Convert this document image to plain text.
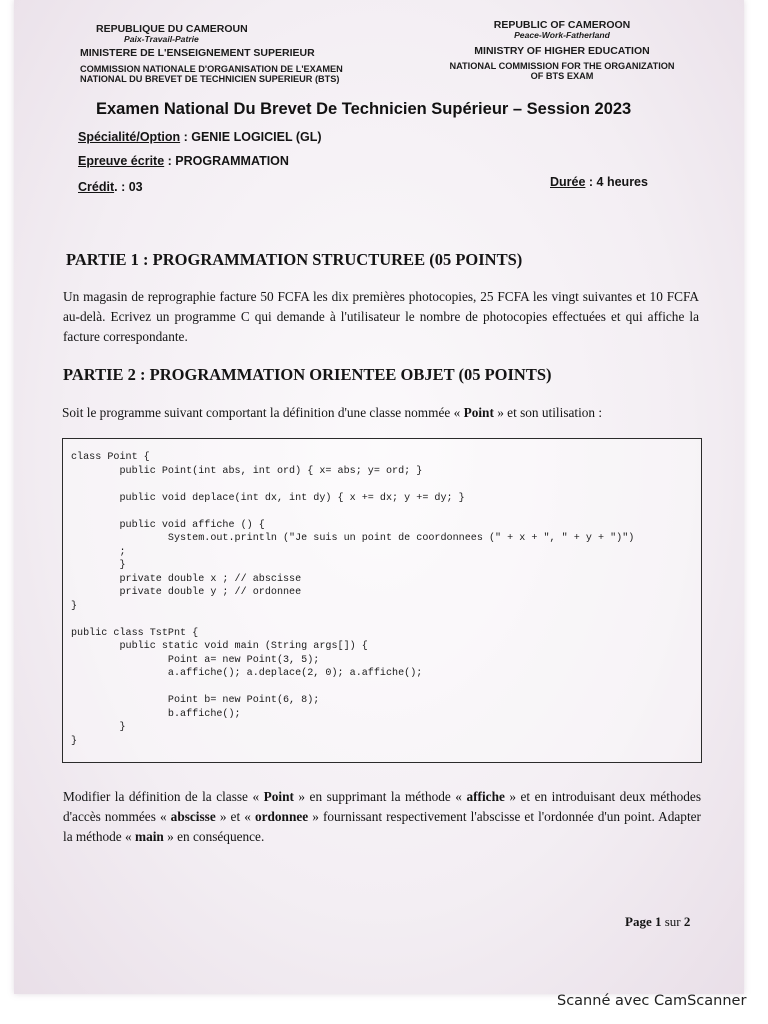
REPUBLIQUE DU CAMEROUN
Paix-Travail-Patrie
MINISTERE DE L'ENSEIGNEMENT SUPERIEUR
COMMISSION NATIONALE D'ORGANISATION DE L'EXAMEN
NATIONAL DU BREVET DE TECHNICIEN SUPERIEUR (BTS)
REPUBLIC OF CAMEROON
Peace-Work-Fatherland
MINISTRY OF HIGHER EDUCATION
NATIONAL COMMISSION FOR THE ORGANIZATION
OF BTS EXAM
Examen National Du Brevet De Technicien Supérieur – Session 2023
Spécialité/Option : GENIE LOGICIEL (GL)
Epreuve écrite : PROGRAMMATION
Crédit. : 03	Durée : 4 heures
PARTIE 1 : PROGRAMMATION STRUCTUREE (05 POINTS)
Un magasin de reprographie facture 50 FCFA les dix premières photocopies, 25 FCFA les vingt suivantes et 10 FCFA au-delà. Ecrivez un programme C qui demande à l'utilisateur le nombre de photocopies effectuées et qui affiche la facture correspondante.
PARTIE 2 : PROGRAMMATION ORIENTEE OBJET (05 POINTS)
Soit le programme suivant comportant la définition d'une classe nommée « Point » et son utilisation :
class Point {
public Point(int abs, int ord) { x= abs; y= ord; }

public void deplace(int dx, int dy) { x += dx; y += dy; }

public void affiche () {
System.out.println ("Je suis un point de coordonnees (" + x + ", " + y + ")")
;
}
private double x ; // abscisse
private double y ; // ordonnee
}

public class TstPnt {
public static void main (String args[]) {
Point a= new Point(3, 5);
a.affiche(); a.deplace(2, 0); a.affiche();

Point b= new Point(6, 8);
b.affiche();
}
}
Modifier la définition de la classe « Point » en supprimant la méthode « affiche » et en introduisant deux méthodes d'accès nommées « abscisse » et « ordonnee » fournissant respectivement l'abscisse et l'ordonnée d'un point. Adapter la méthode « main » en conséquence.
Page 1 sur 2
Scanné avec CamScanner
